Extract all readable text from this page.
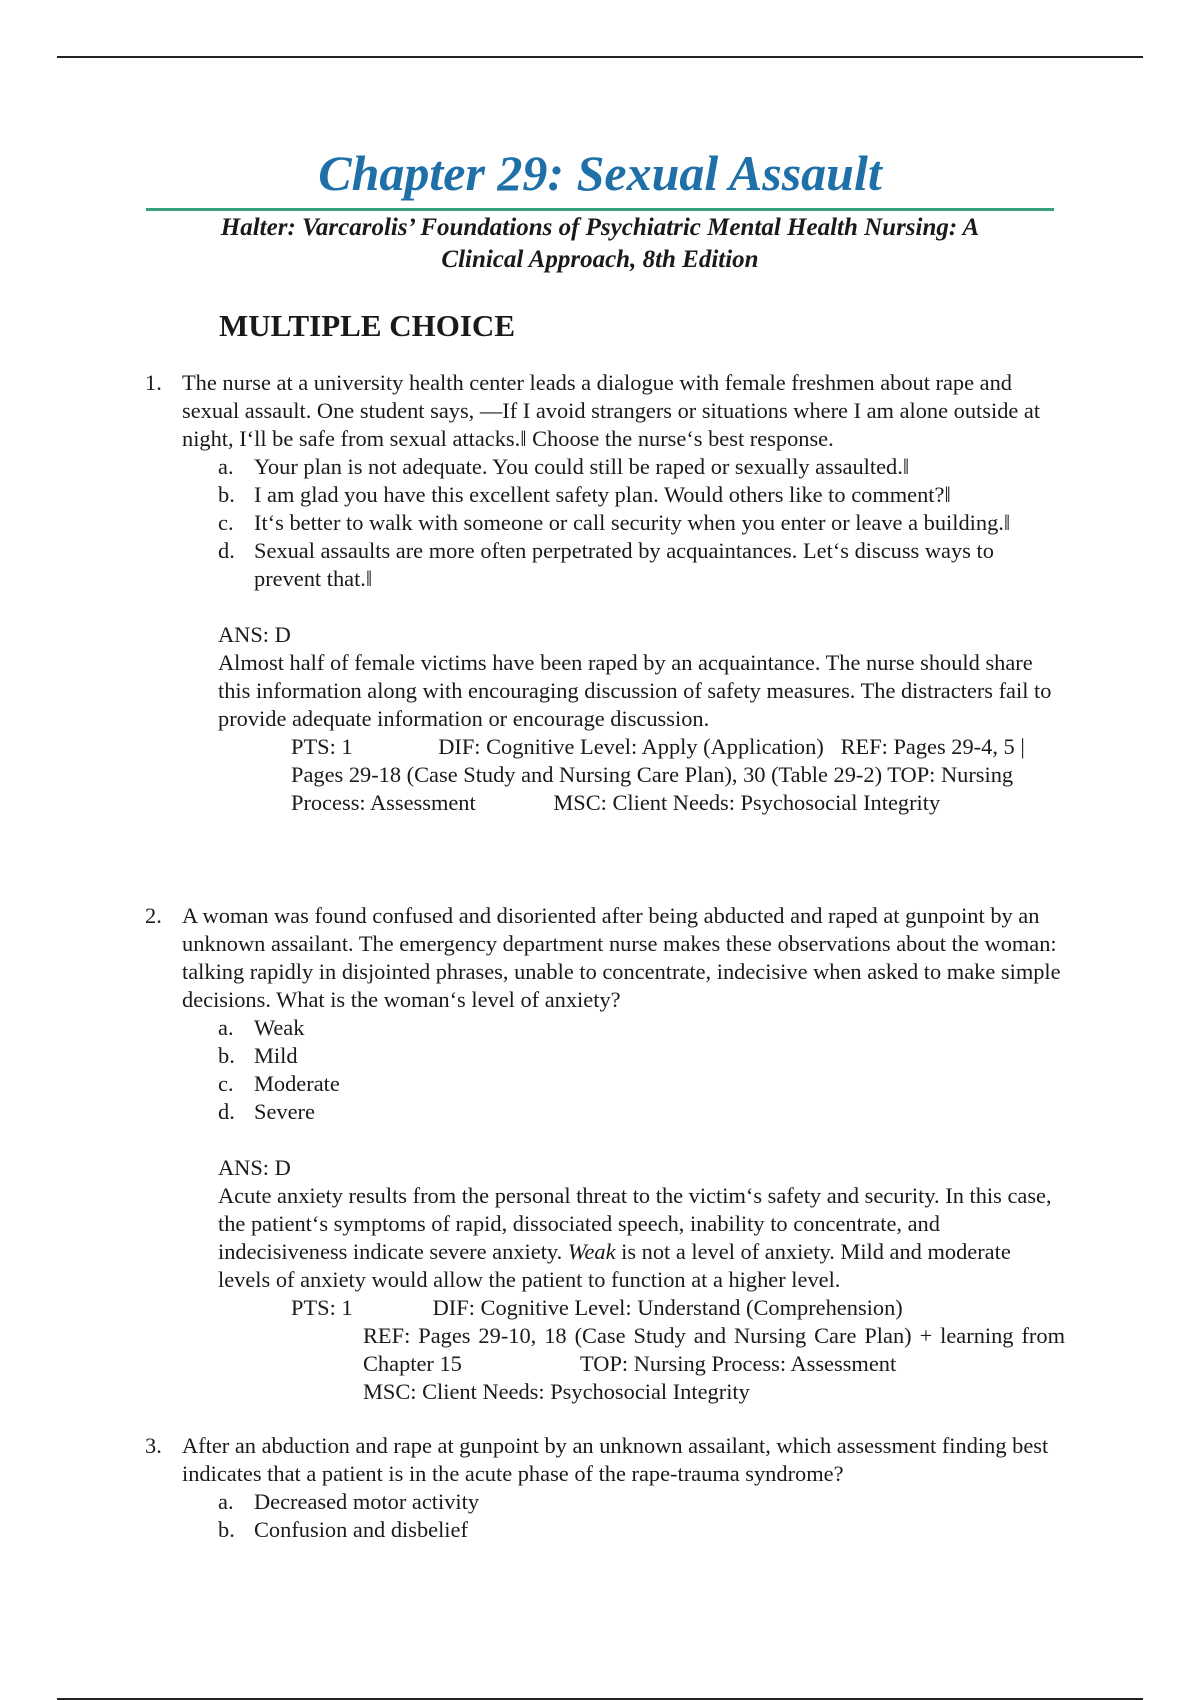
Chapter 29: Sexual Assault
Halter: Varcarolis’ Foundations of Psychiatric Mental Health Nursing: A
Clinical Approach, 8th Edition
MULTIPLE CHOICE
1. The nurse at a university health center leads a dialogue with female freshmen about rape and sexual assault. One student says, ―If I avoid strangers or situations where I am alone outside at night, I‘ll be safe from sexual attacks.‖ Choose the nurse‘s best response.
a. Your plan is not adequate. You could still be raped or sexually assaulted.‖
b. I am glad you have this excellent safety plan. Would others like to comment?‖
c. It‘s better to walk with someone or call security when you enter or leave a building.‖
d. Sexual assaults are more often perpetrated by acquaintances. Let‘s discuss ways to prevent that.‖
ANS: D
Almost half of female victims have been raped by an acquaintance. The nurse should share this information along with encouraging discussion of safety measures. The distracters fail to provide adequate information or encourage discussion.
PTS: 1	DIF: Cognitive Level: Apply (Application) REF: Pages 29-4, 5 | Pages 29-18 (Case Study and Nursing Care Plan), 30 (Table 29-2) TOP: Nursing Process: Assessment	MSC: Client Needs: Psychosocial Integrity
2. A woman was found confused and disoriented after being abducted and raped at gunpoint by an unknown assailant. The emergency department nurse makes these observations about the woman: talking rapidly in disjointed phrases, unable to concentrate, indecisive when asked to make simple decisions. What is the woman‘s level of anxiety?
a. Weak
b. Mild
c. Moderate
d. Severe
ANS: D
Acute anxiety results from the personal threat to the victim‘s safety and security. In this case, the patient‘s symptoms of rapid, dissociated speech, inability to concentrate, and indecisiveness indicate severe anxiety. Weak is not a level of anxiety. Mild and moderate levels of anxiety would allow the patient to function at a higher level.
PTS: 1	DIF: Cognitive Level: Understand (Comprehension)
REF: Pages 29-10, 18 (Case Study and Nursing Care Plan) + learning from Chapter 15	TOP: Nursing Process: Assessment
MSC: Client Needs: Psychosocial Integrity
3. After an abduction and rape at gunpoint by an unknown assailant, which assessment finding best indicates that a patient is in the acute phase of the rape-trauma syndrome?
a. Decreased motor activity
b. Confusion and disbelief
